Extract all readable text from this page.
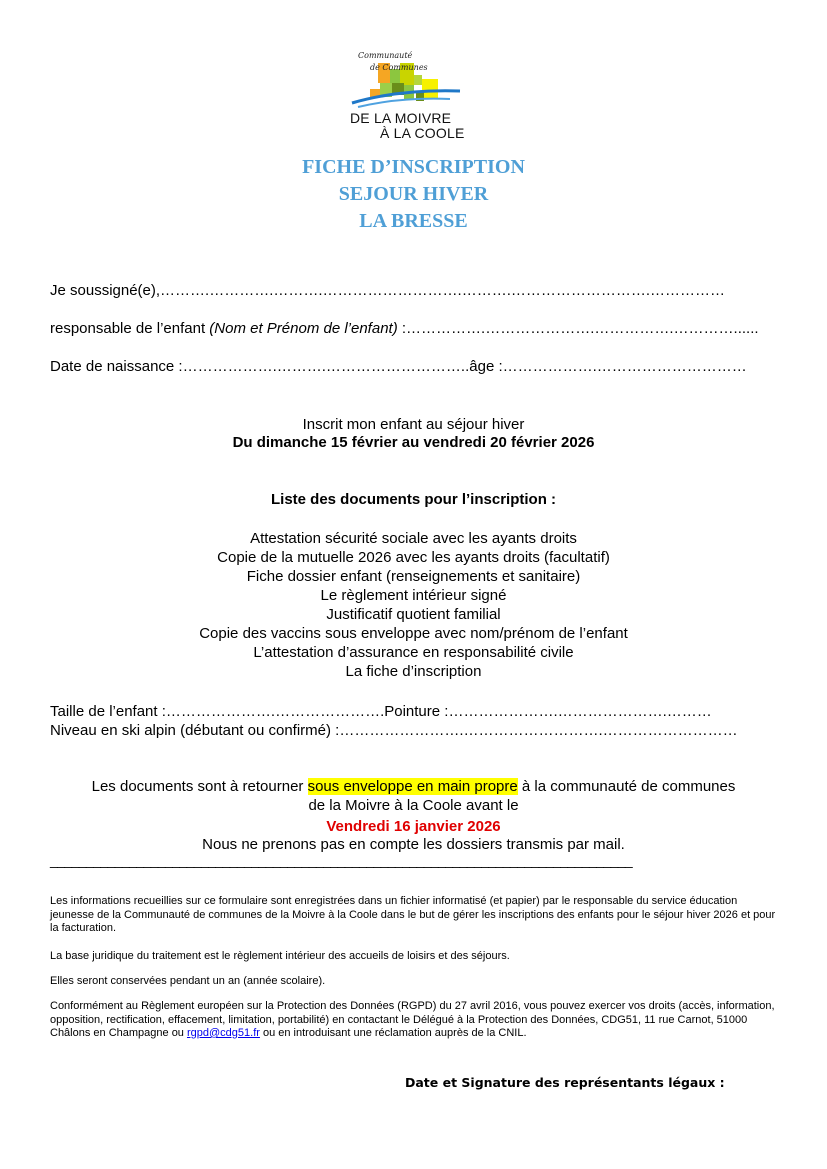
Communauté
de Communes
DE LA MOIVRE
À LA COOLE
FICHE D’INSCRIPTION
SEJOUR HIVER
LA BRESSE
Je soussigné(e),……….………….……….……………………….……….……………………….……………
responsable de l’enfant (Nom et Prénom de l’enfant) :…………….………………….…………….…………......
Date de naissance :……………….……….………………………..âge :……………….…………………………
Inscrit mon enfant au séjour hiver
Du dimanche 15 février au vendredi 20 février 2026
Liste des documents pour l’inscription :
Attestation sécurité sociale avec les ayants droits
Copie de la mutuelle 2026 avec les ayants droits (facultatif)
Fiche dossier enfant (renseignements et sanitaire)
Le règlement intérieur signé
Justificatif quotient familial
Copie des vaccins sous enveloppe avec nom/prénom de l’enfant
L’attestation d’assurance en responsabilité civile
La fiche d’inscription
Taille de l’enfant :………………….………………….Pointure :………………….………………….………
Niveau en ski alpin (débutant ou confirmé) :…………………….……………………….………………………
Les documents sont à retourner sous enveloppe en main propre à la communauté de communes
de la Moivre à la Coole avant le
Vendredi 16 janvier 2026
Nous ne prenons pas en compte les dossiers transmis par mail.
_________________________________________________________________________________
Les informations recueillies sur ce formulaire sont enregistrées dans un fichier informatisé (et papier) par le responsable du service éducation jeunesse de la Communauté de communes de la Moivre à la Coole dans le but de gérer les inscriptions des enfants pour le séjour hiver 2026 et pour la facturation.
La base juridique du traitement est le règlement intérieur des accueils de loisirs et des séjours.
Elles seront conservées pendant un an (année scolaire).
Conformément au Règlement européen sur la Protection des Données (RGPD) du 27 avril 2016, vous pouvez exercer vos droits (accès, information, opposition, rectification, effacement, limitation, portabilité) en contactant le Délégué à la Protection des Données, CDG51, 11 rue Carnot, 51000 Châlons en Champagne ou rgpd@cdg51.fr ou en introduisant une réclamation auprès de la CNIL.
Date et Signature des représentants légaux :
